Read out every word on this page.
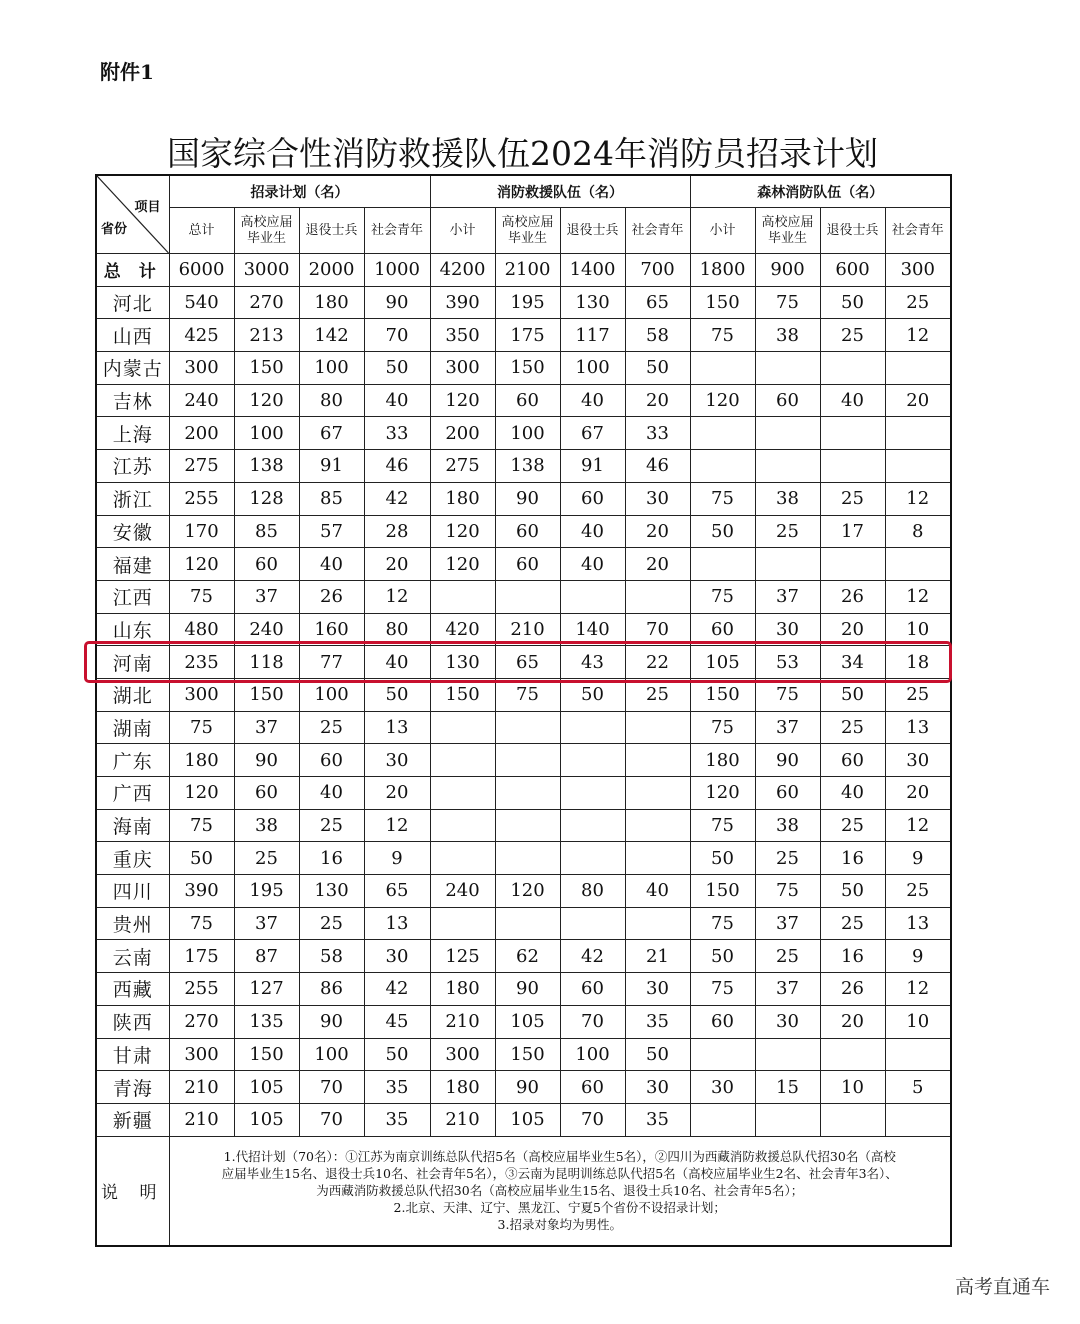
附件1
国家综合性消防救援队伍2024年消防员招录计划
项目
省份	招录计划（名）				消防救援队伍（名）				森林消防队伍（名）			
	总计	高校应届毕业生	退役士兵	社会青年	小计	高校应届毕业生	退役士兵	社会青年	小计	高校应届毕业生	退役士兵	社会青年
总 计	6000	3000	2000	1000	4200	2100	1400	700	1800	900	600	300
河北	540	270	180	90	390	195	130	65	150	75	50	25
山西	425	213	142	70	350	175	117	58	75	38	25	12
内蒙古	300	150	100	50	300	150	100	50				
吉林	240	120	80	40	120	60	40	20	120	60	40	20
上海	200	100	67	33	200	100	67	33				
江苏	275	138	91	46	275	138	91	46				
浙江	255	128	85	42	180	90	60	30	75	38	25	12
安徽	170	85	57	28	120	60	40	20	50	25	17	8
福建	120	60	40	20	120	60	40	20				
江西	75	37	26	12					75	37	26	12
山东	480	240	160	80	420	210	140	70	60	30	20	10
河南	235	118	77	40	130	65	43	22	105	53	34	18
湖北	300	150	100	50	150	75	50	25	150	75	50	25
湖南	75	37	25	13					75	37	25	13
广东	180	90	60	30					180	90	60	30
广西	120	60	40	20					120	60	40	20
海南	75	38	25	12					75	38	25	12
重庆	50	25	16	9					50	25	16	9
四川	390	195	130	65	240	120	80	40	150	75	50	25
贵州	75	37	25	13					75	37	25	13
云南	175	87	58	30	125	62	42	21	50	25	16	9
西藏	255	127	86	42	180	90	60	30	75	37	26	12
陕西	270	135	90	45	210	105	70	35	60	30	20	10
甘肃	300	150	100	50	300	150	100	50				
青海	210	105	70	35	180	90	60	30	30	15	10	5
新疆	210	105	70	35	210	105	70	35				
说 明	1.代招计划（70名）：①江苏为南京训练总队代招5名（高校应届毕业生5名），②四川为西藏消防救援总队代招30名（高校
应届毕业生15名、退役士兵10名、社会青年5名），③云南为昆明训练总队代招5名（高校应届毕业生2名、社会青年3名）、
为西藏消防救援总队代招30名（高校应届毕业生15名、退役士兵10名、社会青年5名）；
2.北京、天津、辽宁、黑龙江、宁夏5个省份不设招录计划；
3.招录对象均为男性。											
高考直通车
